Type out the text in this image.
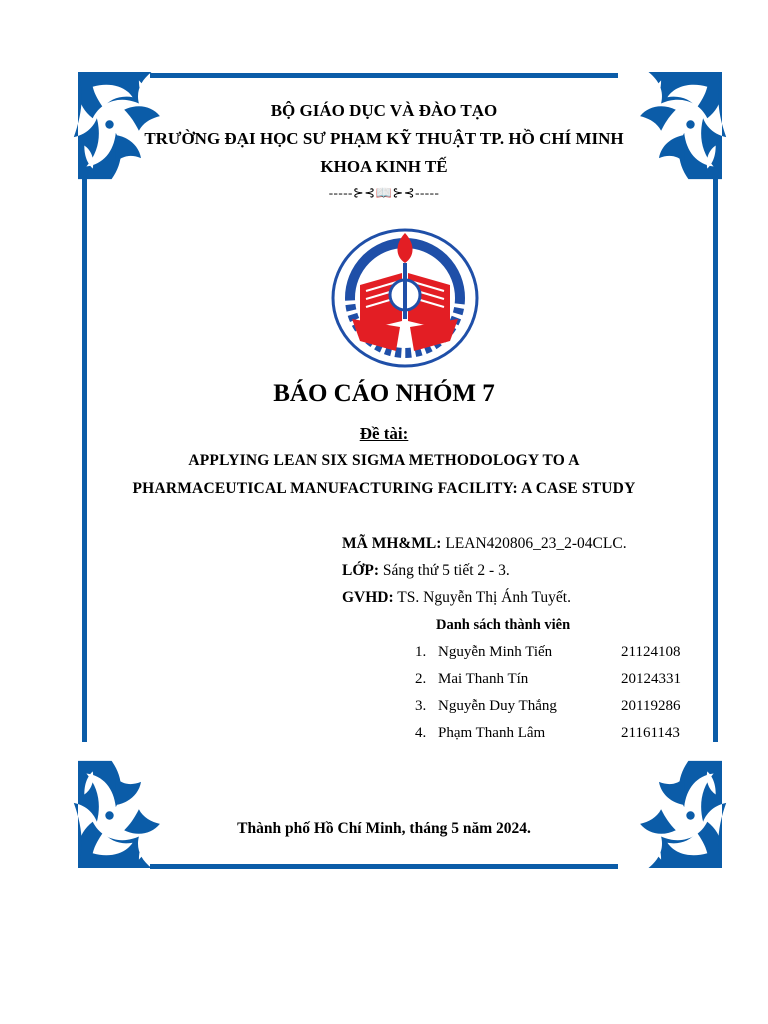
BỘ GIÁO DỤC VÀ ĐÀO TẠO
TRƯỜNG ĐẠI HỌC SƯ PHẠM KỸ THUẬT TP. HỒ CHÍ MINH
KHOA KINH TẾ
-----⊱⊰📖⊱⊰-----
BÁO CÁO NHÓM 7
Đề tài:
APPLYING LEAN SIX SIGMA METHODOLOGY TO A
PHARMACEUTICAL MANUFACTURING FACILITY: A CASE STUDY
MÃ MH&ML: LEAN420806_23_2-04CLC.
LỚP: Sáng thứ 5 tiết 2 - 3.
GVHD: TS. Nguyễn Thị Ánh Tuyết.
Danh sách thành viên
1. Nguyễn Minh Tiến	21124108
2. Mai Thanh Tín	20124331
3. Nguyễn Duy Thắng	20119286
4. Phạm Thanh Lâm	21161143
Thành phố Hồ Chí Minh, tháng 5 năm 2024.
